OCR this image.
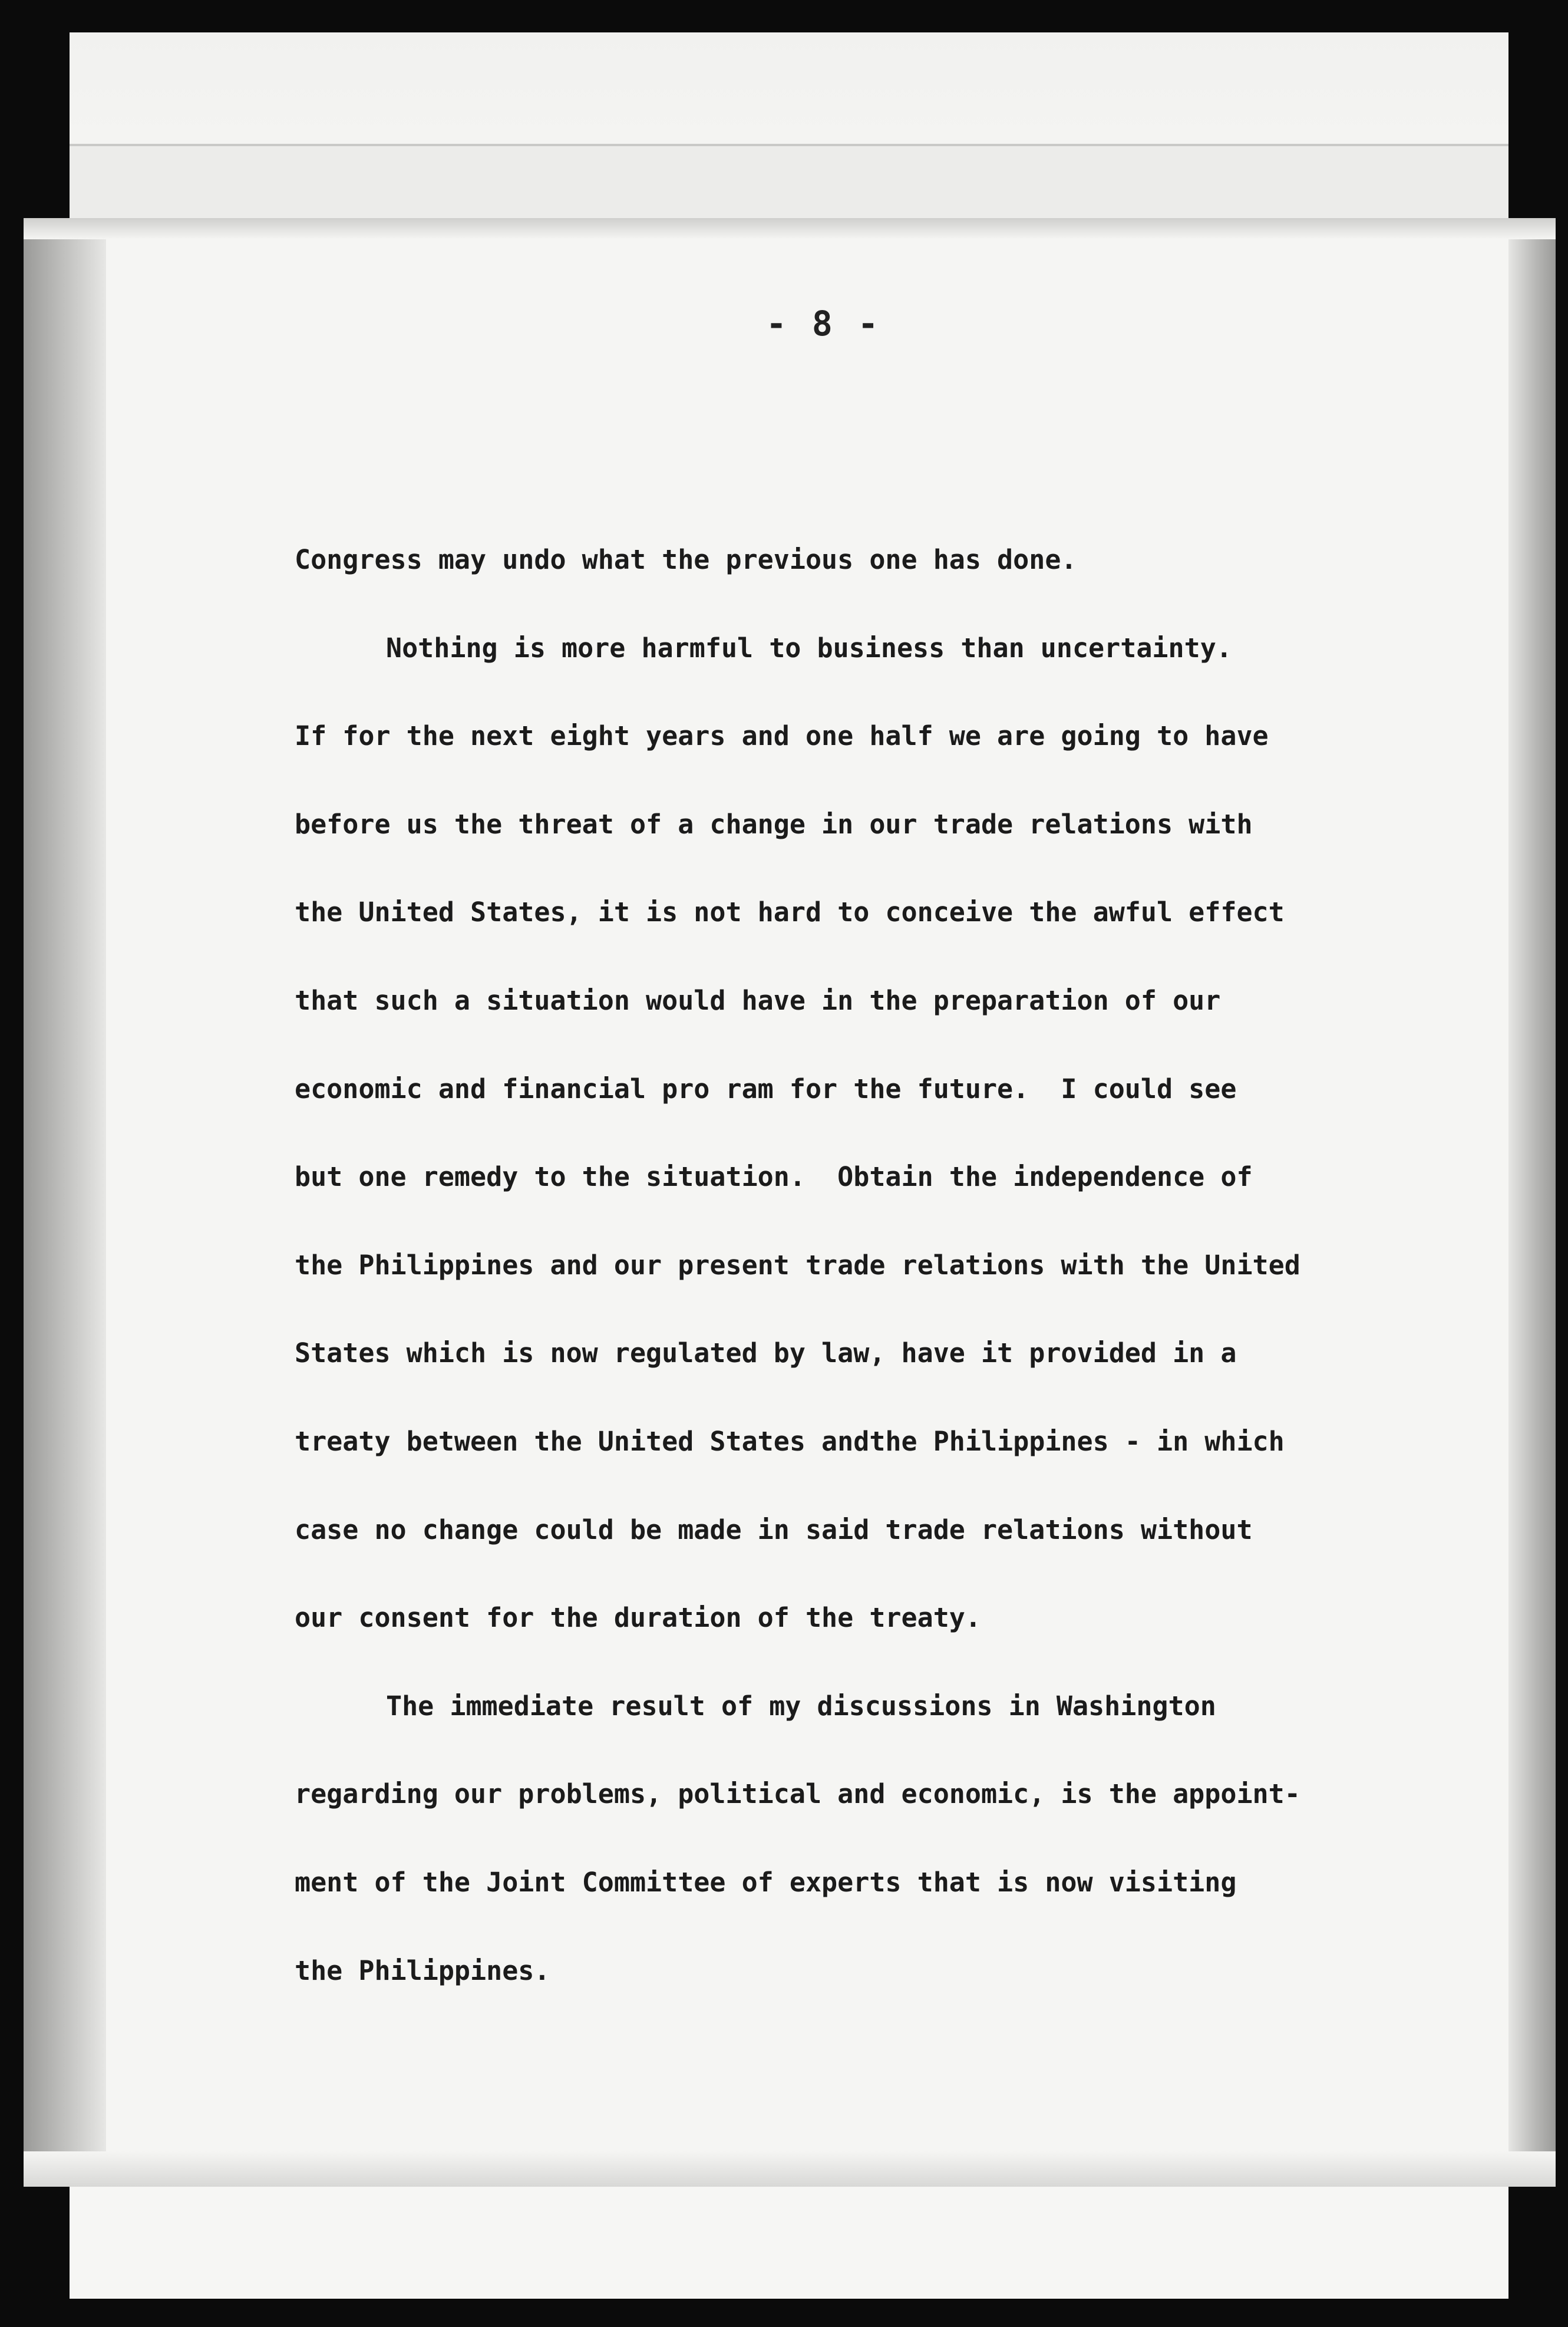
- 8 -

Congress may undo what the previous one has done.
Nothing is more harmful to business than uncertainty.
If for the next eight years and one half we are going to have
before us the threat of a change in our trade relations with
the United States, it is not hard to conceive the awful effect
that such a situation would have in the preparation of our
economic and financial pro ram for the future.  I could see
but one remedy to the situation.  Obtain the independence of
the Philippines and our present trade relations with the United
States which is now regulated by law, have it provided in a
treaty between the United States andthe Philippines - in which
case no change could be made in said trade relations without
our consent for the duration of the treaty.
The immediate result of my discussions in Washington
regarding our problems, political and economic, is the appoint-
ment of the Joint Committee of experts that is now visiting
the Philippines.
